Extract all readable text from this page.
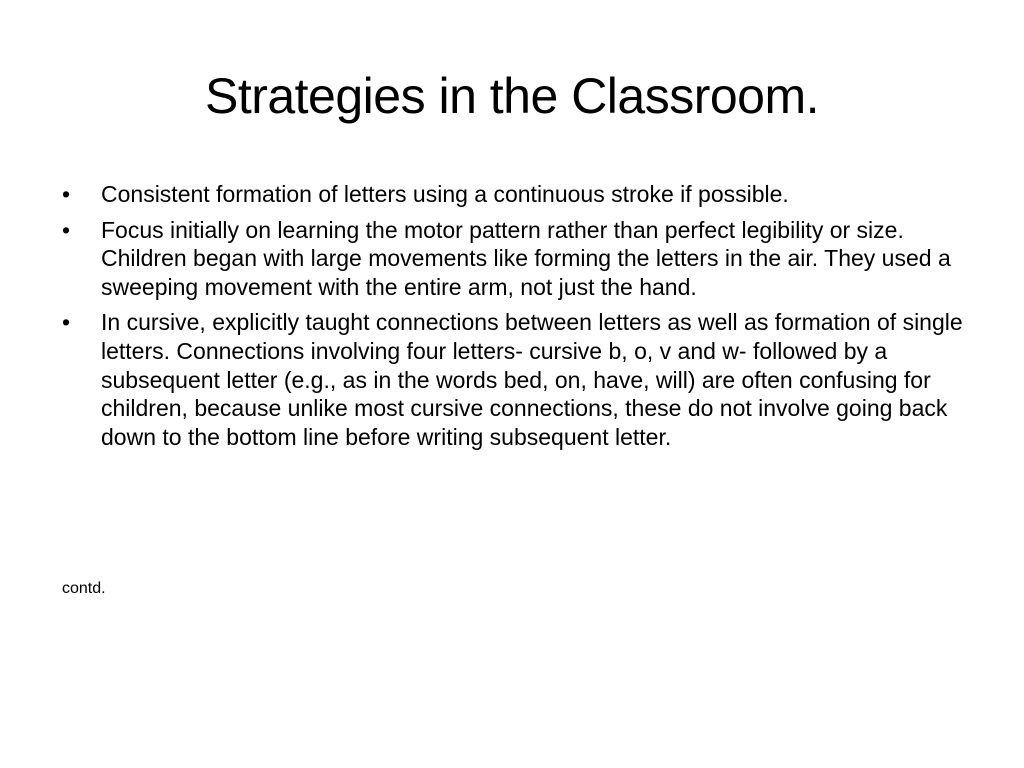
Strategies in the Classroom.
•	Consistent formation of letters using a continuous stroke if possible.
•	Focus initially on learning the motor pattern rather than perfect legibility or size. Children began with large movements like forming the letters in the air. They used a sweeping movement with the entire arm, not just the hand.
•	In cursive, explicitly taught connections between letters as well as formation of single letters. Connections involving four letters- cursive b, o, v and w- followed by a subsequent letter (e.g., as in the words bed, on, have, will) are often confusing for children, because unlike most cursive connections, these do not involve going back down to the bottom line before writing subsequent letter.

contd.
